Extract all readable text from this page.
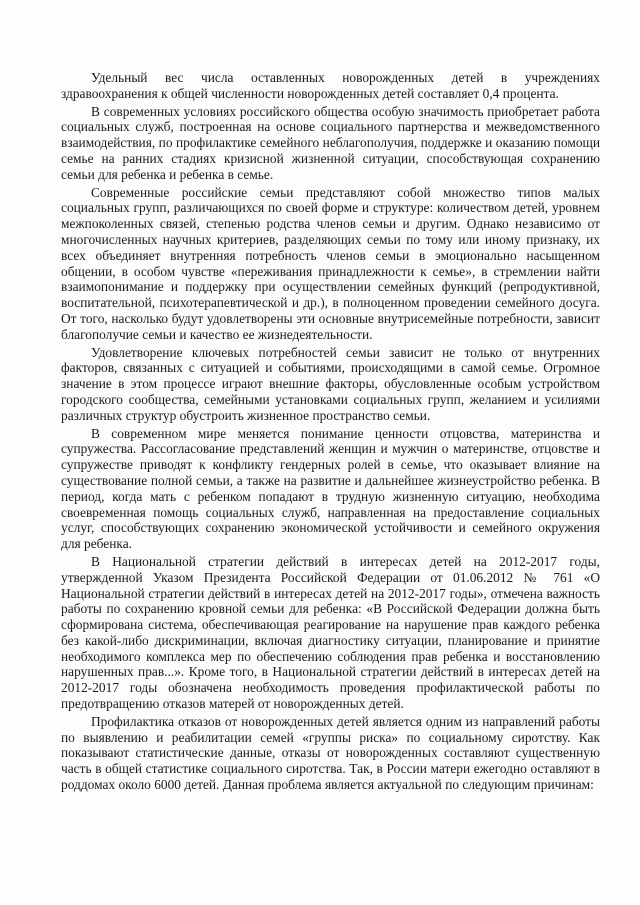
Удельный вес числа оставленных новорожденных детей в учреждениях здравоохранения к общей численности новорожденных детей составляет 0,4 процента.

В современных условиях российского общества особую значимость приобретает работа социальных служб, построенная на основе социального партнерства и межведомственного взаимодействия, по профилактике семейного неблагополучия, поддержке и оказанию помощи семье на ранних стадиях кризисной жизненной ситуации, способствующая сохранению семьи для ребенка и ребенка в семье.

Современные российские семьи представляют собой множество типов малых социальных групп, различающихся по своей форме и структуре: количеством детей, уровнем межпоколенных связей, степенью родства членов семьи и другим. Однако независимо от многочисленных научных критериев, разделяющих семьи по тому или иному признаку, их всех объединяет внутренняя потребность членов семьи в эмоционально насыщенном общении, в особом чувстве «переживания принадлежности к семье», в стремлении найти взаимопонимание и поддержку при осуществлении семейных функций (репродуктивной, воспитательной, психотерапевтической и др.), в полноценном проведении семейного досуга. От того, насколько будут удовлетворены эти основные внутрисемейные потребности, зависит благополучие семьи и качество ее жизнедеятельности.

Удовлетворение ключевых потребностей семьи зависит не только от внутренних факторов, связанных с ситуацией и событиями, происходящими в самой семье. Огромное значение в этом процессе играют внешние факторы, обусловленные особым устройством городского сообщества, семейными установками социальных групп, желанием и усилиями различных структур обустроить жизненное пространство семьи.

В современном мире меняется понимание ценности отцовства, материнства и супружества. Рассогласование представлений женщин и мужчин о материнстве, отцовстве и супружестве приводят к конфликту гендерных ролей в семье, что оказывает влияние на существование полной семьи, а также на развитие и дальнейшее жизнеустройство ребенка. В период, когда мать с ребенком попадают в трудную жизненную ситуацию, необходима своевременная помощь социальных служб, направленная на предоставление социальных услуг, способствующих сохранению экономической устойчивости и семейного окружения для ребенка.

В Национальной стратегии действий в интересах детей на 2012-2017 годы, утвержденной Указом Президента Российской Федерации от 01.06.2012 № 761 «О Национальной стратегии действий в интересах детей на 2012-2017 годы», отмечена важность работы по сохранению кровной семьи для ребенка: «В Российской Федерации должна быть сформирована система, обеспечивающая реагирование на нарушение прав каждого ребенка без какой-либо дискриминации, включая диагностику ситуации, планирование и принятие необходимого комплекса мер по обеспечению соблюдения прав ребенка и восстановлению нарушенных прав...». Кроме того, в Национальной стратегии действий в интересах детей на 2012-2017 годы обозначена необходимость проведения профилактической работы по предотвращению отказов матерей от новорожденных детей.

Профилактика отказов от новорожденных детей является одним из направлений работы по выявлению и реабилитации семей «группы риска» по социальному сиротству. Как показывают статистические данные, отказы от новорожденных составляют существенную часть в общей статистике социального сиротства. Так, в России матери ежегодно оставляют в роддомах около 6000 детей. Данная проблема является актуальной по следующим причинам:
